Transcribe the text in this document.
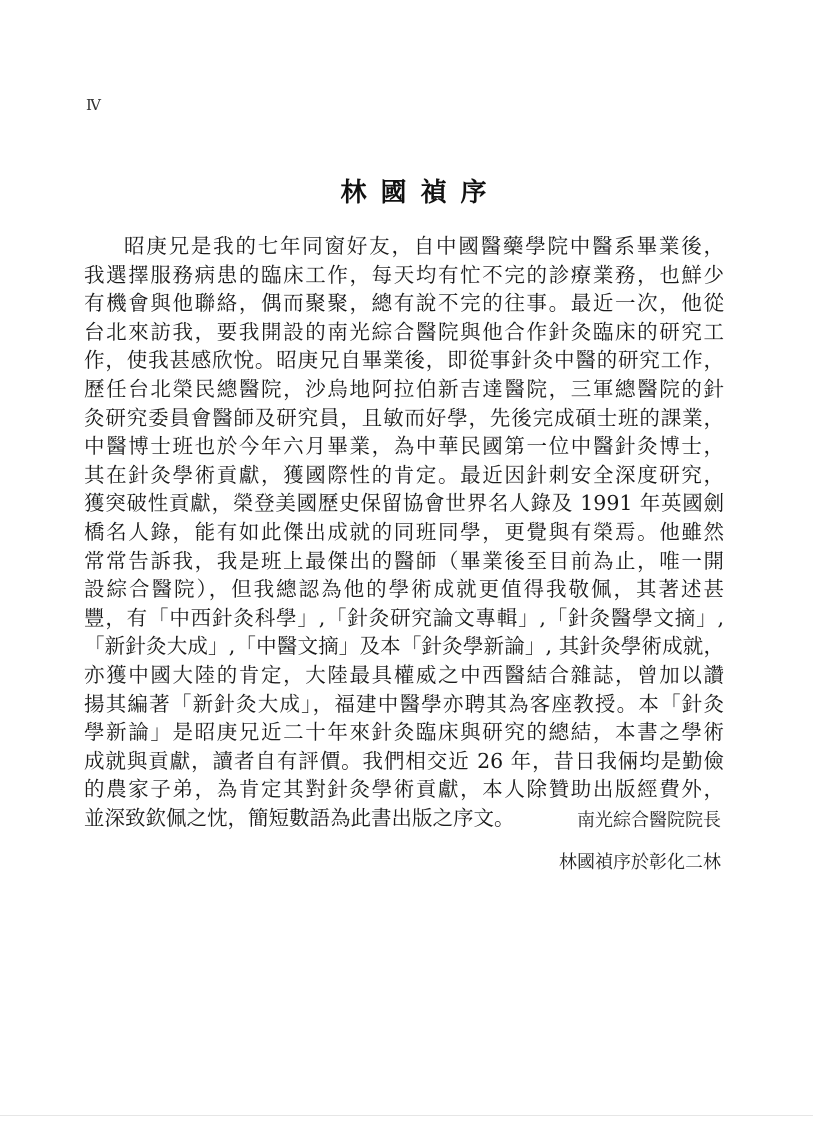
Ⅳ
林國禎序
昭庚兄是我的七年同窗好友，自中國醫藥學院中醫系畢業後，
我選擇服務病患的臨床工作，每天均有忙不完的診療業務，也鮮少
有機會與他聯絡，偶而聚聚，總有說不完的往事。最近一次，他從
台北來訪我，要我開設的南光綜合醫院與他合作針灸臨床的研究工
作，使我甚感欣悅。昭庚兄自畢業後，即從事針灸中醫的研究工作，
歷任台北榮民總醫院，沙烏地阿拉伯新吉達醫院，三軍總醫院的針
灸研究委員會醫師及研究員，且敏而好學，先後完成碩士班的課業，
中醫博士班也於今年六月畢業，為中華民國第一位中醫針灸博士，
其在針灸學術貢獻，獲國際性的肯定。最近因針刺安全深度研究，
獲突破性貢獻，榮登美國歷史保留協會世界名人錄及 1991 年英國劍
橋名人錄，能有如此傑出成就的同班同學，更覺與有榮焉。他雖然
常常告訴我，我是班上最傑出的醫師（畢業後至目前為止，唯一開
設綜合醫院），但我總認為他的學術成就更值得我敬佩，其著述甚
豐，有「中西針灸科學」,「針灸研究論文專輯」,「針灸醫學文摘」,
「新針灸大成」,「中醫文摘」及本「針灸學新論」, 其針灸學術成就，
亦獲中國大陸的肯定，大陸最具權威之中西醫結合雜誌，曾加以讚
揚其編著「新針灸大成」，福建中醫學亦聘其為客座教授。本「針灸
學新論」是昭庚兄近二十年來針灸臨床與研究的總結，本書之學術
成就與貢獻，讀者自有評價。我們相交近 26 年，昔日我倆均是勤儉
的農家子弟，為肯定其對針灸學術貢獻，本人除贊助出版經費外，
並深致欽佩之忱，簡短數語為此書出版之序文。	南光綜合醫院院長
林國禎序於彰化二林
